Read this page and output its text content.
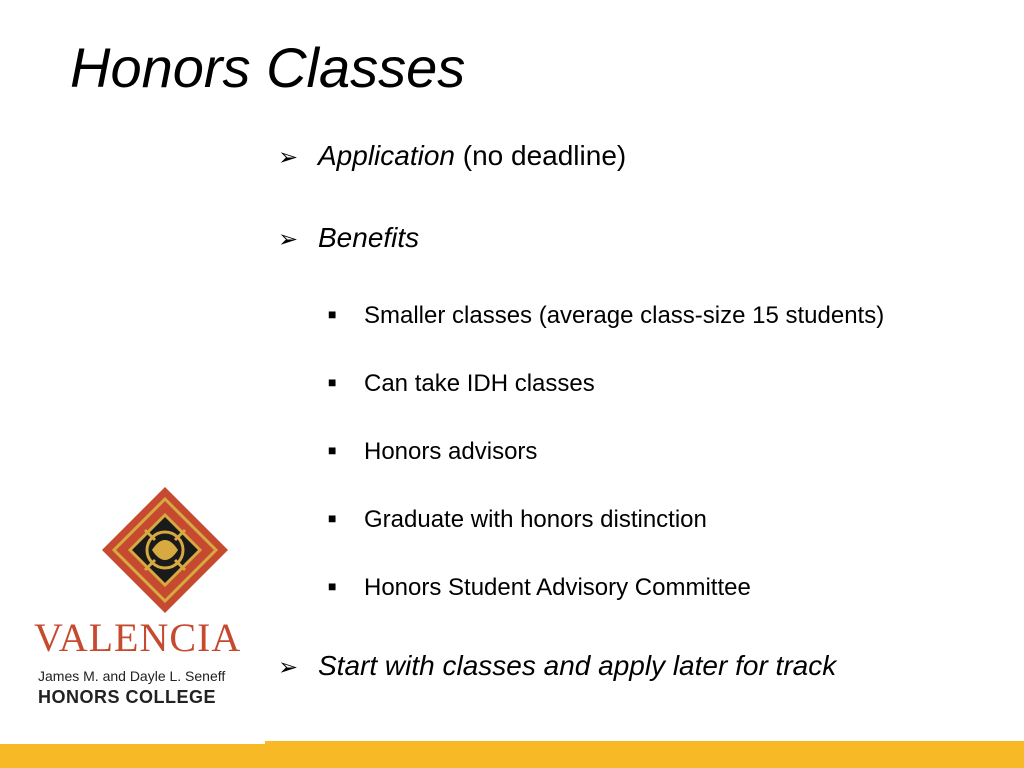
Honors Classes
➢ Application (no deadline)
➢ Benefits
■	Smaller classes (average class-size 15 students)
■	Can take IDH classes
■	Honors advisors
■	Graduate with honors distinction
■	Honors Student Advisory Committee
➢ Start with classes and apply later for track
VALENCIA
James M. and Dayle L. Seneff
HONORS COLLEGE
